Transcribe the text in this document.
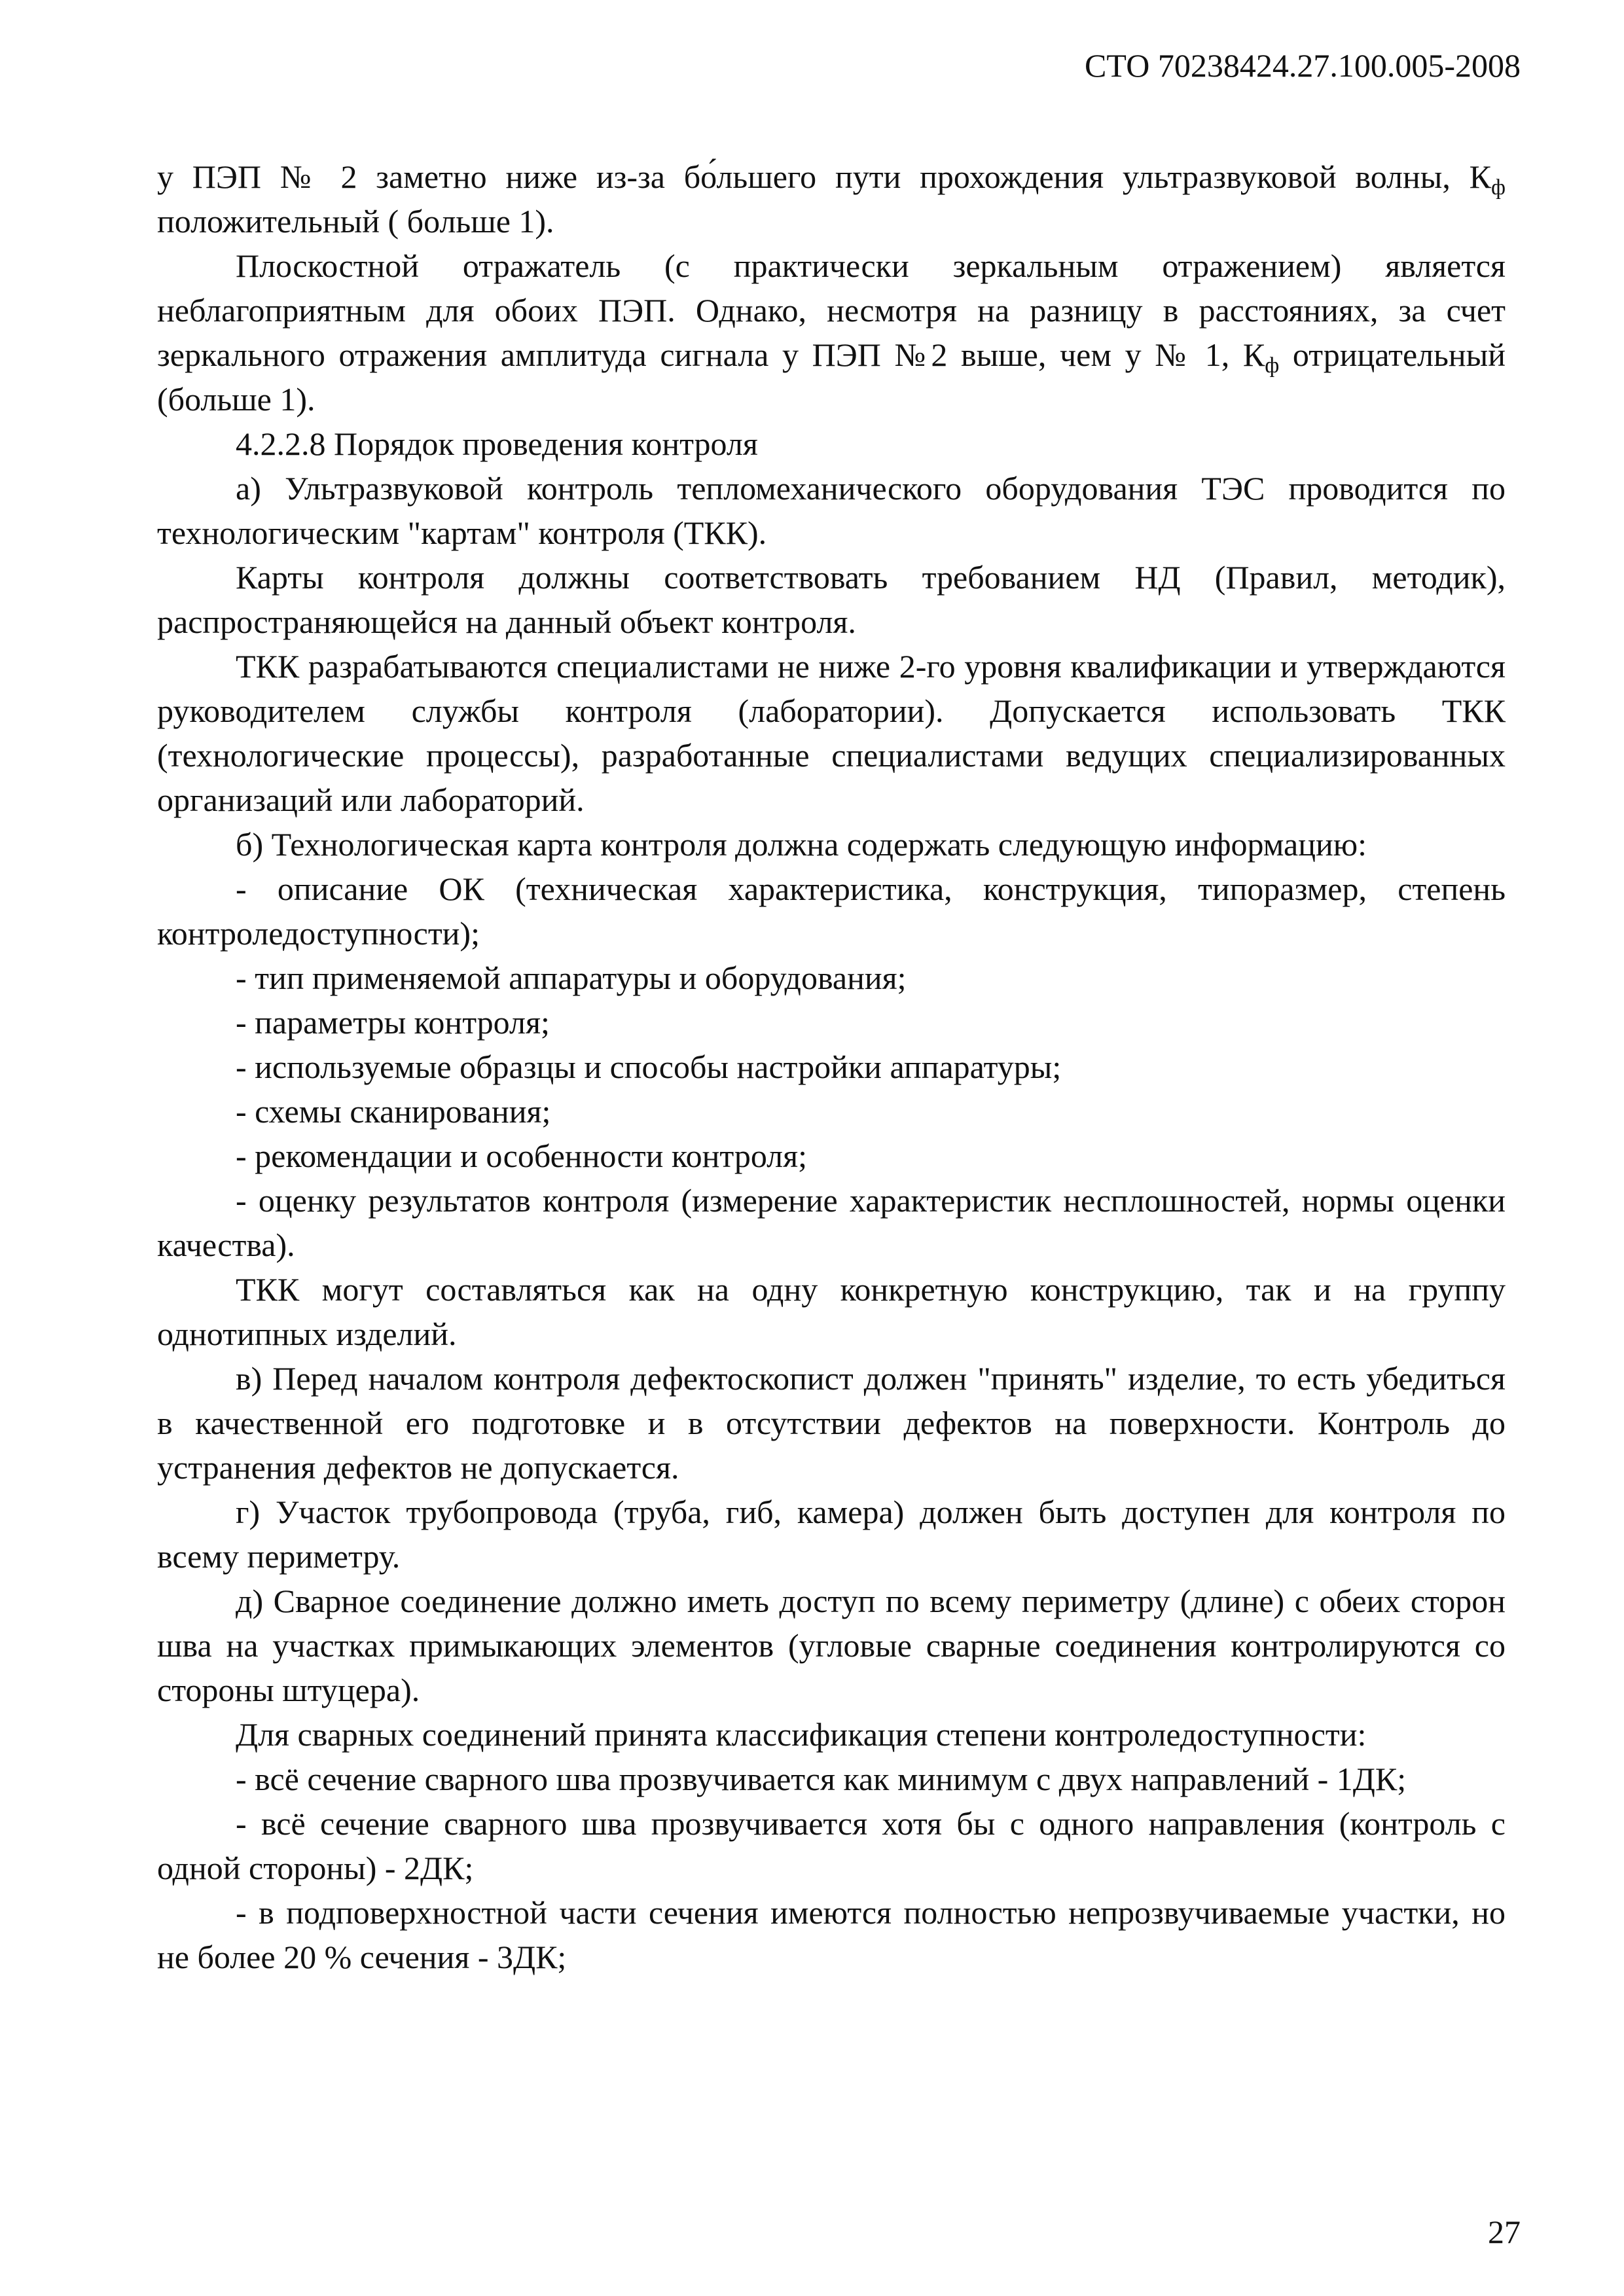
СТО 70238424.27.100.005-2008

у ПЭП № 2 заметно ниже из-за бо́льшего пути прохождения ультразвуковой волны, $К_ф$ положительный ( больше 1).

Плоскостной отражатель (с практически зеркальным отражением) является неблагоприятным для обоих ПЭП. Однако, несмотря на разницу в расстояниях, за счет зеркального отражения амплитуда сигнала у ПЭП №2 выше, чем у № 1, $К_ф$ отрицательный (больше 1).

4.2.2.8 Порядок проведения контроля

а) Ультразвуковой контроль тепломеханического оборудования ТЭС проводится по технологическим "картам" контроля (ТКК).

Карты контроля должны соответствовать требованием НД (Правил, методик), распространяющейся на данный объект контроля.

ТКК разрабатываются специалистами не ниже 2-го уровня квалификации и утверждаются руководителем службы контроля (лаборатории). Допускается использовать ТКК (технологические процессы), разработанные специалистами ведущих специализированных организаций или лабораторий.

б) Технологическая карта контроля должна содержать следующую информацию:

- описание ОК (техническая характеристика, конструкция, типоразмер, степень контроледоступности);

- тип применяемой аппаратуры и оборудования;

- параметры контроля;

- используемые образцы и способы настройки аппаратуры;

- схемы сканирования;

- рекомендации и особенности контроля;

- оценку результатов контроля (измерение характеристик несплошностей, нормы оценки качества).

ТКК могут составляться как на одну конкретную конструкцию, так и на группу однотипных изделий.

в) Перед началом контроля дефектоскопист должен "принять" изделие, то есть убедиться в качественной его подготовке и в отсутствии дефектов на поверхности. Контроль до устранения дефектов не допускается.

г) Участок трубопровода (труба, гиб, камера) должен быть доступен для контроля по всему периметру.

д) Сварное соединение должно иметь доступ по всему периметру (длине) с обеих сторон шва на участках примыкающих элементов (угловые сварные соединения контролируются со стороны штуцера).

Для сварных соединений принята классификация степени контроледоступности:

- всё сечение сварного шва прозвучивается как минимум с двух направлений - 1ДК;

- всё сечение сварного шва прозвучивается хотя бы с одного направления (контроль с одной стороны) - 2ДК;

- в подповерхностной части сечения имеются полностью непрозвучиваемые участки, но не более 20 % сечения - 3ДК;

27
